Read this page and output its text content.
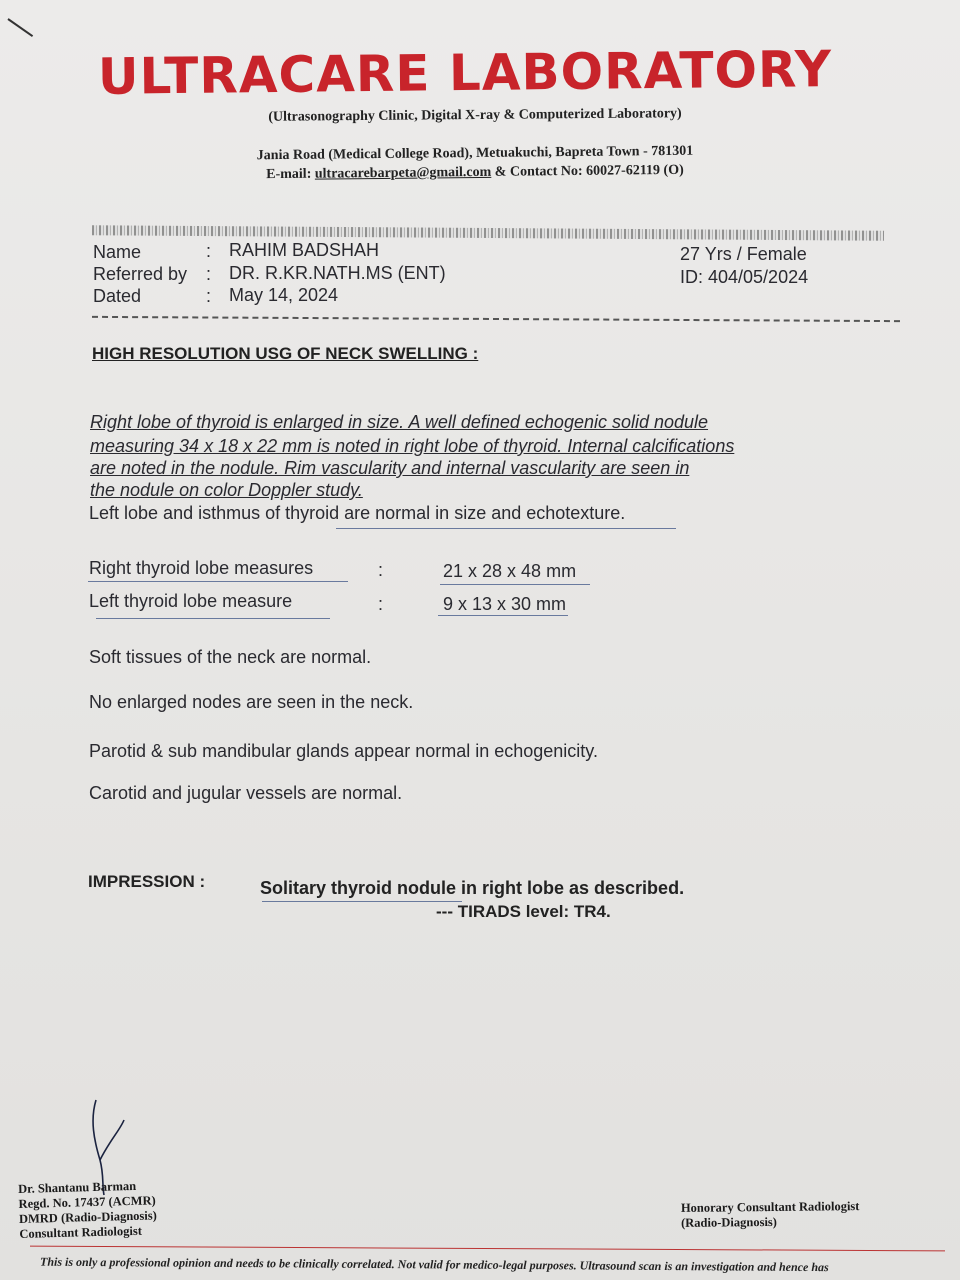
ULTRACARE LABORATORY
(Ultrasonography Clinic, Digital X-ray & Computerized Laboratory)
Jania Road (Medical College Road), Metuakuchi, Bapreta Town - 781301
E-mail: ultracarebarpeta@gmail.com & Contact No: 60027-62119 (O)
Name	: RAHIM BADSHAH
Referred by : DR. R.KR.NATH.MS (ENT)
Dated	: May 14, 2024
27 Yrs / Female
ID: 404/05/2024
HIGH RESOLUTION USG OF NECK SWELLING :
Right lobe of thyroid is enlarged in size. A well defined echogenic solid nodule
measuring 34 x 18 x 22 mm is noted in right lobe of thyroid. Internal calcifications
are noted in the nodule. Rim vascularity and internal vascularity are seen in
the nodule on color Doppler study.
Left lobe and isthmus of thyroid are normal in size and echotexture.
Right thyroid lobe measures	:	21 x 28 x 48 mm
Left thyroid lobe measure	:	9 x 13 x 30 mm
Soft tissues of the neck are normal.
No enlarged nodes are seen in the neck.
Parotid & sub mandibular glands appear normal in echogenicity.
Carotid and jugular vessels are normal.
IMPRESSION :	Solitary thyroid nodule in right lobe as described.
--- TIRADS level: TR4.
Dr. Shantanu Barman
Regd. No. 17437 (ACMR)
DMRD (Radio-Diagnosis)
Consultant Radiologist
Honorary Consultant Radiologist
(Radio-Diagnosis)
This is only a professional opinion and needs to be clinically correlated. Not valid for medico-legal purposes. Ultrasound scan is an investigation and hence has
